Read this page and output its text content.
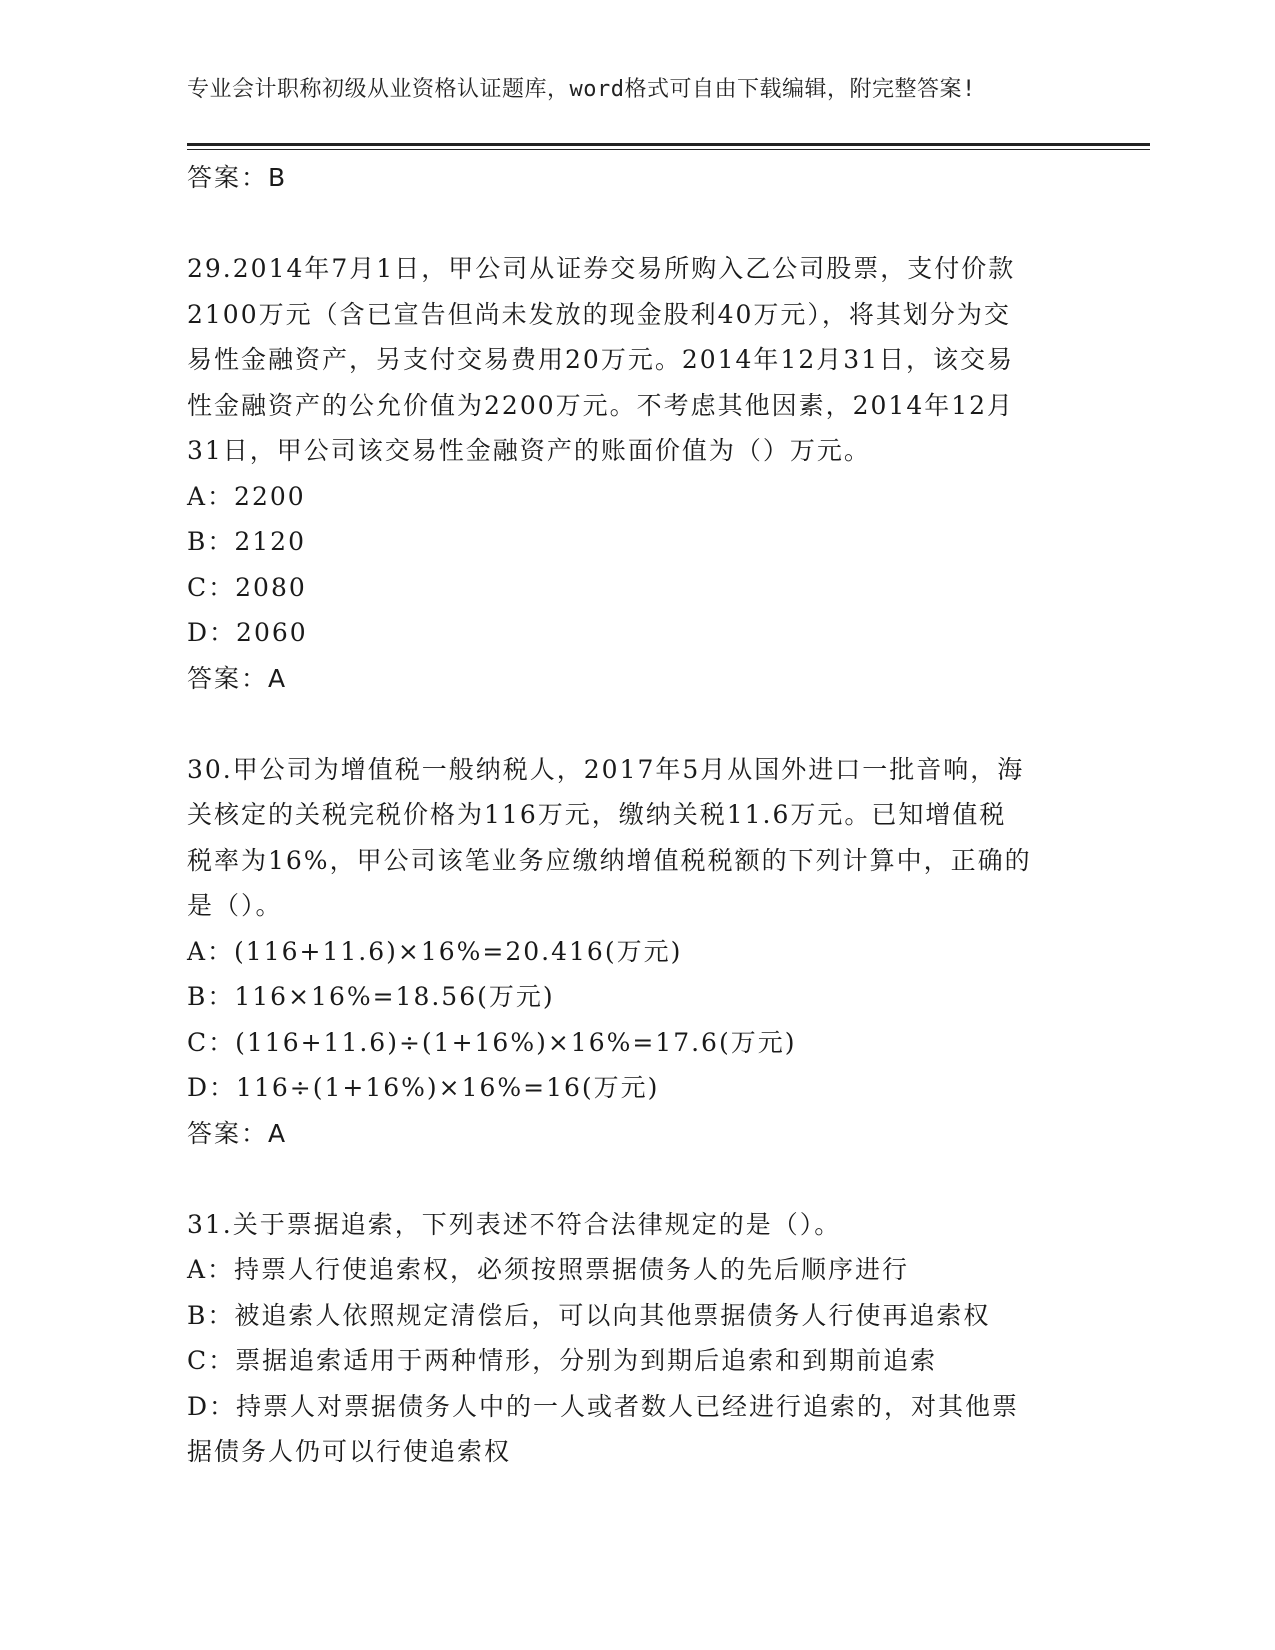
专业会计职称初级从业资格认证题库，word格式可自由下载编辑，附完整答案!
答案：B
29.2014年7月1日，甲公司从证券交易所购入乙公司股票，支付价款
2100万元（含已宣告但尚未发放的现金股利40万元），将其划分为交
易性金融资产，另支付交易费用20万元。2014年12月31日，该交易
性金融资产的公允价值为2200万元。不考虑其他因素，2014年12月
31日，甲公司该交易性金融资产的账面价值为（）万元。
A：2200
B：2120
C：2080
D：2060
答案：A
30.甲公司为增值税一般纳税人，2017年5月从国外进口一批音响，海
关核定的关税完税价格为116万元，缴纳关税11.6万元。已知增值税
税率为16%，甲公司该笔业务应缴纳增值税税额的下列计算中，正确的
是（）。
A：(116+11.6)×16%=20.416(万元)
B：116×16%=18.56(万元)
C：(116+11.6)÷(1+16%)×16%=17.6(万元)
D：116÷(1+16%)×16%=16(万元)
答案：A
31.关于票据追索，下列表述不符合法律规定的是（）。
A：持票人行使追索权，必须按照票据债务人的先后顺序进行
B：被追索人依照规定清偿后，可以向其他票据债务人行使再追索权
C：票据追索适用于两种情形，分别为到期后追索和到期前追索
D：持票人对票据债务人中的一人或者数人已经进行追索的，对其他票
据债务人仍可以行使追索权
